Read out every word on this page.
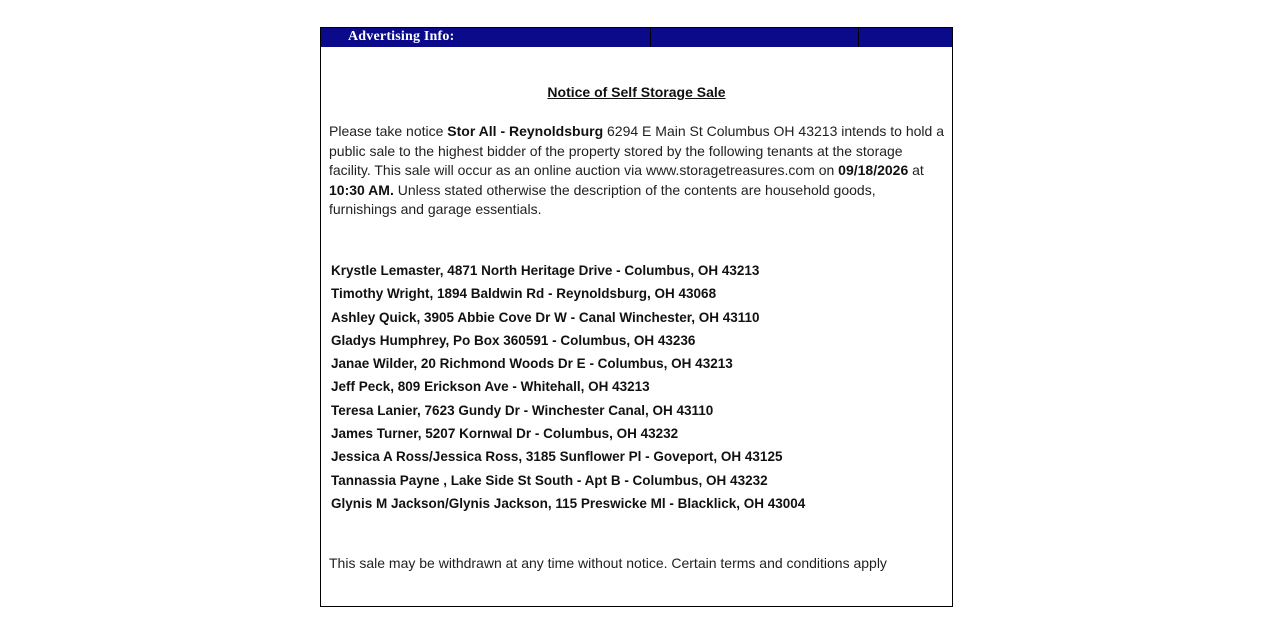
Advertising Info:
Notice of Self Storage Sale
Please take notice Stor All - Reynoldsburg 6294 E Main St Columbus OH 43213 intends to hold a public sale to the highest bidder of the property stored by the following tenants at the storage facility. This sale will occur as an online auction via www.storagetreasures.com on 09/18/2026 at 10:30 AM. Unless stated otherwise the description of the contents are household goods, furnishings and garage essentials.
Krystle Lemaster, 4871 North Heritage Drive - Columbus, OH 43213
Timothy Wright, 1894 Baldwin Rd - Reynoldsburg, OH 43068
Ashley Quick, 3905 Abbie Cove Dr W - Canal Winchester, OH 43110
Gladys Humphrey, Po Box 360591 - Columbus, OH 43236
Janae Wilder, 20 Richmond Woods Dr E - Columbus, OH 43213
Jeff Peck, 809 Erickson Ave - Whitehall, OH 43213
Teresa Lanier, 7623 Gundy Dr - Winchester Canal, OH 43110
James Turner, 5207 Kornwal Dr - Columbus, OH 43232
Jessica A Ross/Jessica Ross, 3185 Sunflower Pl - Goveport, OH 43125
Tannassia Payne , Lake Side St South - Apt B - Columbus, OH 43232
Glynis M Jackson/Glynis Jackson, 115 Preswicke Ml - Blacklick, OH 43004
This sale may be withdrawn at any time without notice. Certain terms and conditions apply
